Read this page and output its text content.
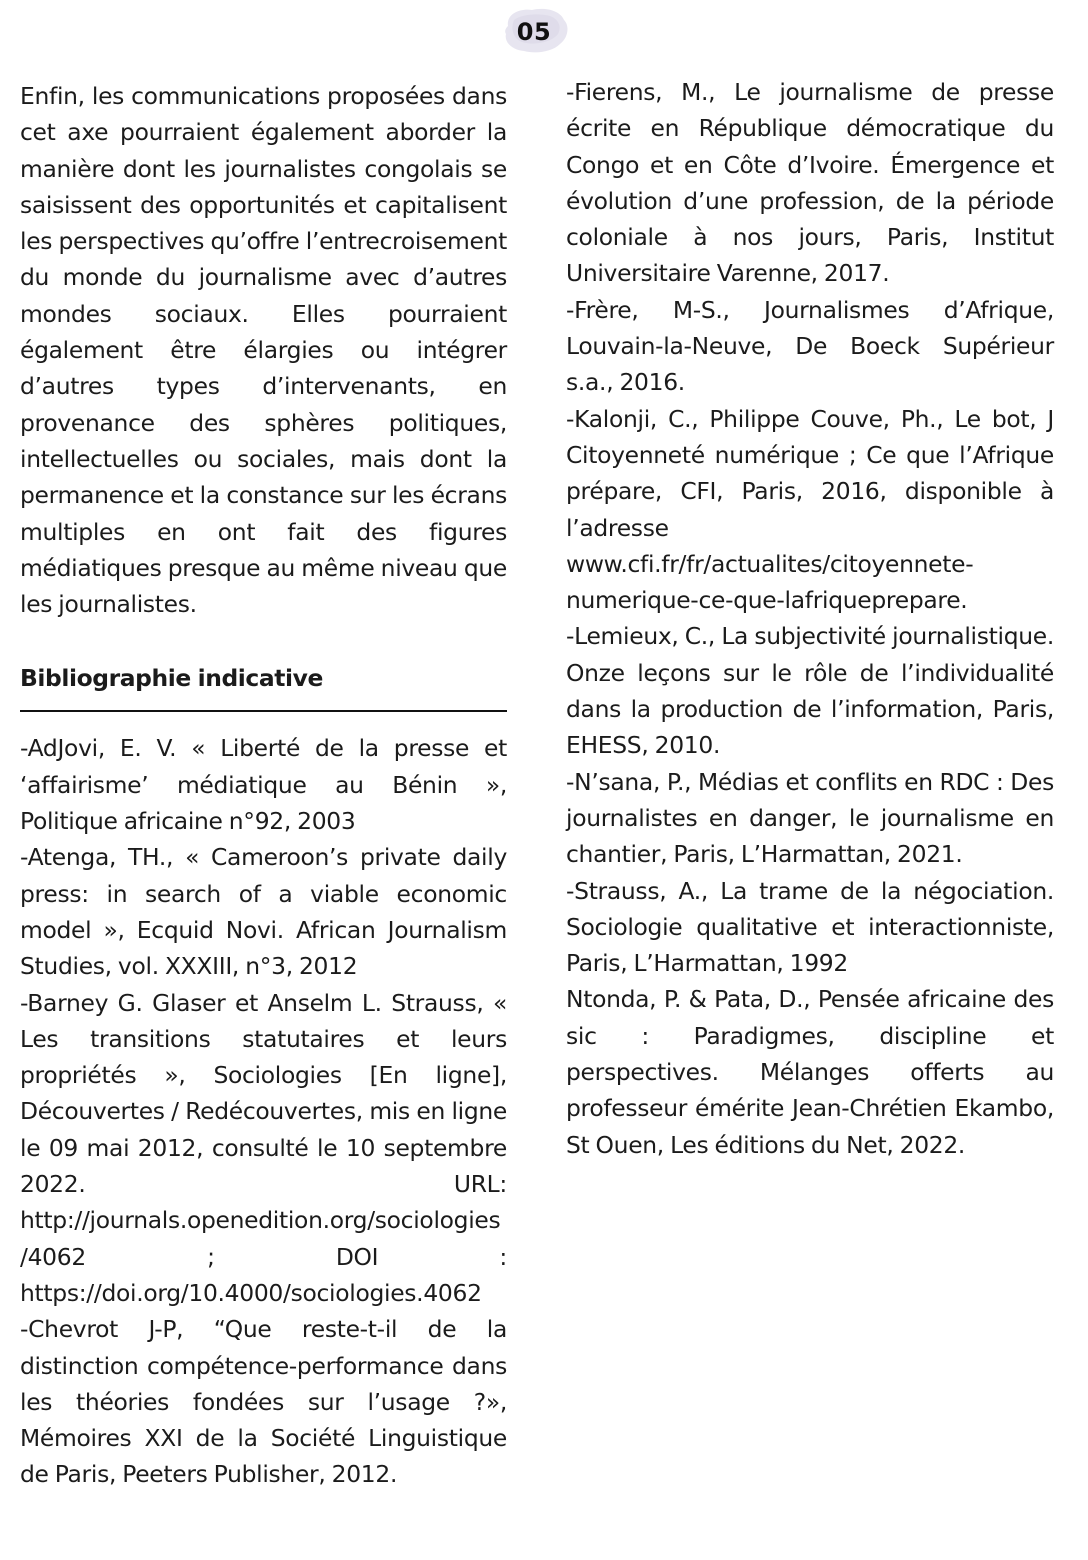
05

Enfin, les communications proposées dans cet axe pourraient également aborder la manière dont les journalistes congolais se saisissent des opportunités et capitalisent les perspectives qu’offre l’entrecroisement du monde du journalisme avec d’autres mondes sociaux. Elles pourraient également être élargies ou intégrer d’autres types d’intervenants, en provenance des sphères politiques, intellectuelles ou sociales, mais dont la permanence et la constance sur les écrans multiples en ont fait des figures médiatiques presque au même niveau que les journalistes.

Bibliographie indicative

-AdJovi, E. V. « Liberté de la presse et ‘affairisme’ médiatique au Bénin », Politique africaine n°92, 2003

-Atenga, TH., « Cameroon’s private daily press: in search of a viable economic model », Ecquid Novi. African Journalism Studies, vol. XXXIII, n°3, 2012

-Barney G. Glaser et Anselm L. Strauss, « Les transitions statutaires et leurs propriétés », Sociologies [En ligne], Découvertes / Redécouvertes, mis en ligne le 09 mai 2012, consulté le 10 septembre 2022. URL: http://journals.openedition.org/sociologies/4062 ; DOI : https://doi.org/10.4000/sociologies.4062

-Chevrot J-P, “Que reste-t-il de la distinction compétence-performance dans les théories fondées sur l’usage ?», Mémoires XXI de la Société Linguistique de Paris, Peeters Publisher, 2012.

-Fierens, M., Le journalisme de presse écrite en République démocratique du Congo et en Côte d’Ivoire. Émergence et évolution d’une profession, de la période coloniale à nos jours, Paris, Institut Universitaire Varenne, 2017.

-Frère, M-S., Journalismes d’Afrique, Louvain-la-Neuve, De Boeck Supérieur s.a., 2016.

-Kalonji, C., Philippe Couve, Ph., Le bot, J Citoyenneté numérique ; Ce que l’Afrique prépare, CFI, Paris, 2016, disponible à l’adresse www.cfi.fr/fr/actualites/citoyennete-numerique-ce-que-lafriqueprepare.

-Lemieux, C., La subjectivité journalistique. Onze leçons sur le rôle de l’individualité dans la production de l’information, Paris, EHESS, 2010.

-N’sana, P., Médias et conflits en RDC : Des journalistes en danger, le journalisme en chantier, Paris, L’Harmattan, 2021.

-Strauss, A., La trame de la négociation. Sociologie qualitative et interactionniste, Paris, L’Harmattan, 1992

Ntonda, P. & Pata, D., Pensée africaine des sic : Paradigmes, discipline et perspectives. Mélanges offerts au professeur émérite Jean-Chrétien Ekambo, St Ouen, Les éditions du Net, 2022.
